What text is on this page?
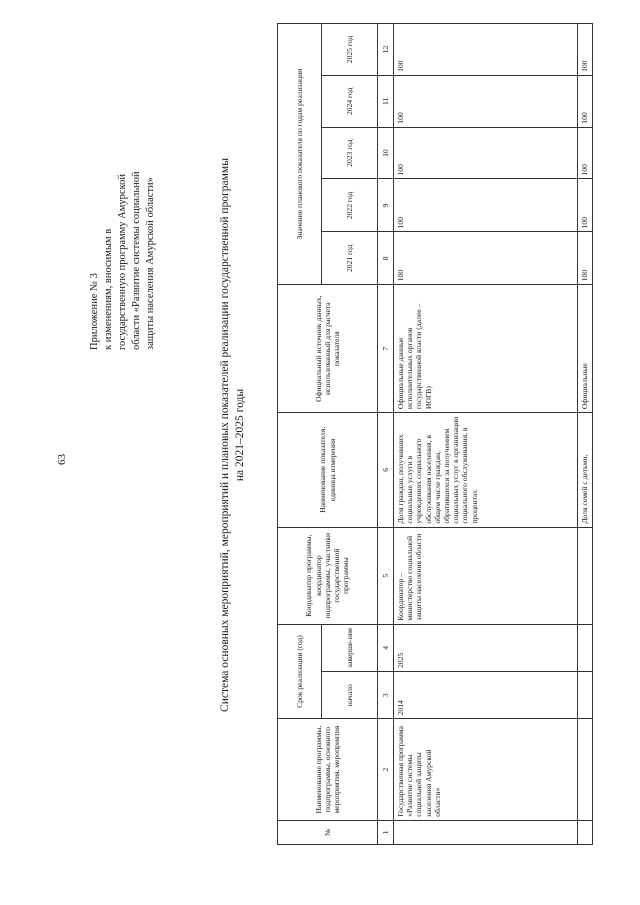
63
Приложение № 3 к изменениям, вносимым в государственную программу Амурской области «Развитие системы социальной защиты населения Амурской области»	Система основных мероприятий, мероприятий и плановых показателей реализации государственной программы на 2021–2025 годы
№	Наименование программы, подпрограммы, основного мероприятия, мероприятия	Срок реализации (год)		Координатор программы, координатор подпрограммы, участники государственной программы	Наименование показателя, единица измерения	Официальный источник данных, использованный для расчета показателя	Значение планового показателя по годам реализации				
		начало	заверше-ние				2021 год	2022 год	2023 год	2024 год	2025 год
1	2	3	4	5	6	7	8	9	10	11	12
	Государственная программа «Развитие системы социальной защиты населения Амурской области»	2014	2025	Координатор – министерство социальной защиты населения области	Доля граждан, получивших социальные услуги в учреждениях социального обслуживания населения, в общем числе граждан, обратившихся за получением социальных услуг в организации социального обслуживания, в процентах	Официальные данные исполнительных органов государственной власти (далее – ИОГВ)	100	100	100	100	100
					Доля семей с детьми,	Официальные	100	100	100	100	100
